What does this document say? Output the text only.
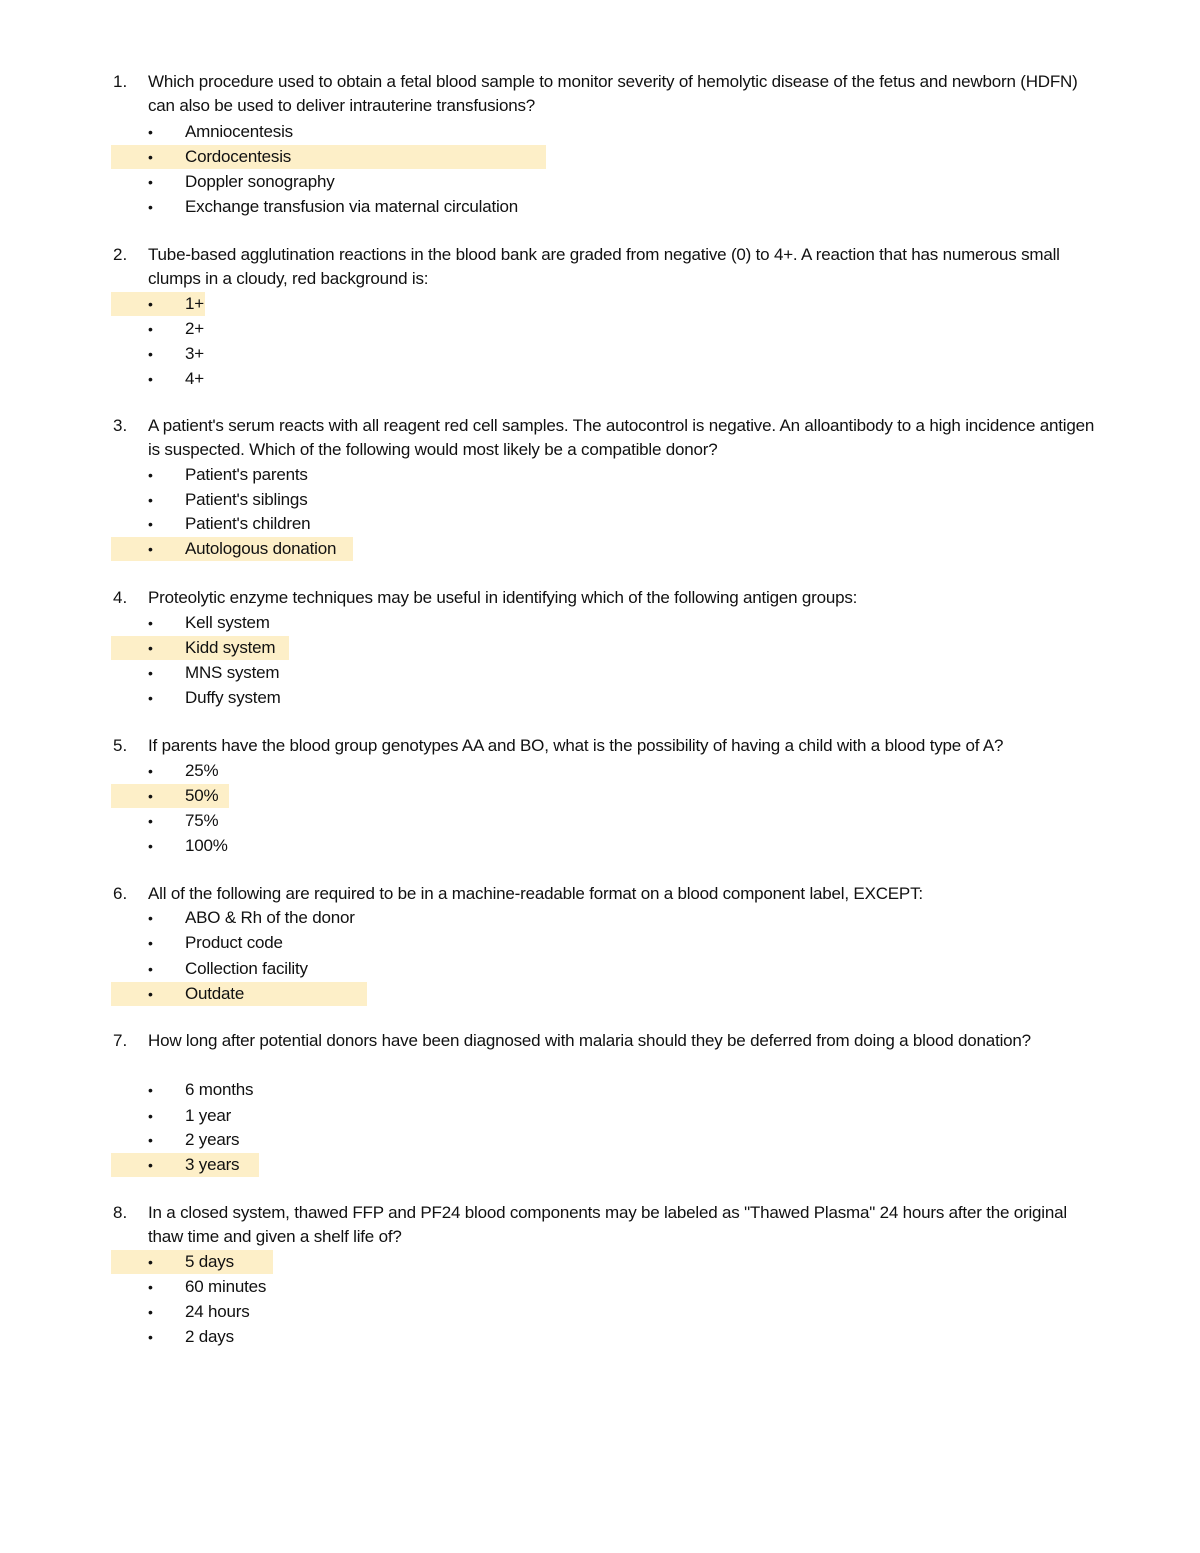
1. Which procedure used to obtain a fetal blood sample to monitor severity of hemolytic disease of the fetus and newborn (HDFN) can also be used to deliver intrauterine transfusions?
• Amniocentesis
• Cordocentesis
• Doppler sonography
• Exchange transfusion via maternal circulation
2. Tube-based agglutination reactions in the blood bank are graded from negative (0) to 4+. A reaction that has numerous small clumps in a cloudy, red background is:
• 1+
• 2+
• 3+
• 4+
3. A patient's serum reacts with all reagent red cell samples. The autocontrol is negative. An alloantibody to a high incidence antigen is suspected. Which of the following would most likely be a compatible donor?
• Patient's parents
• Patient's siblings
• Patient's children
• Autologous donation
4. Proteolytic enzyme techniques may be useful in identifying which of the following antigen groups:
• Kell system
• Kidd system
• MNS system
• Duffy system
5. If parents have the blood group genotypes AA and BO, what is the possibility of having a child with a blood type of A?
• 25%
• 50%
• 75%
• 100%
6. All of the following are required to be in a machine-readable format on a blood component label, EXCEPT:
• ABO & Rh of the donor
• Product code
• Collection facility
• Outdate
7. How long after potential donors have been diagnosed with malaria should they be deferred from doing a blood donation?
• 6 months
• 1 year
• 2 years
• 3 years
8. In a closed system, thawed FFP and PF24 blood components may be labeled as "Thawed Plasma" 24 hours after the original thaw time and given a shelf life of?
• 5 days
• 60 minutes
• 24 hours
• 2 days
